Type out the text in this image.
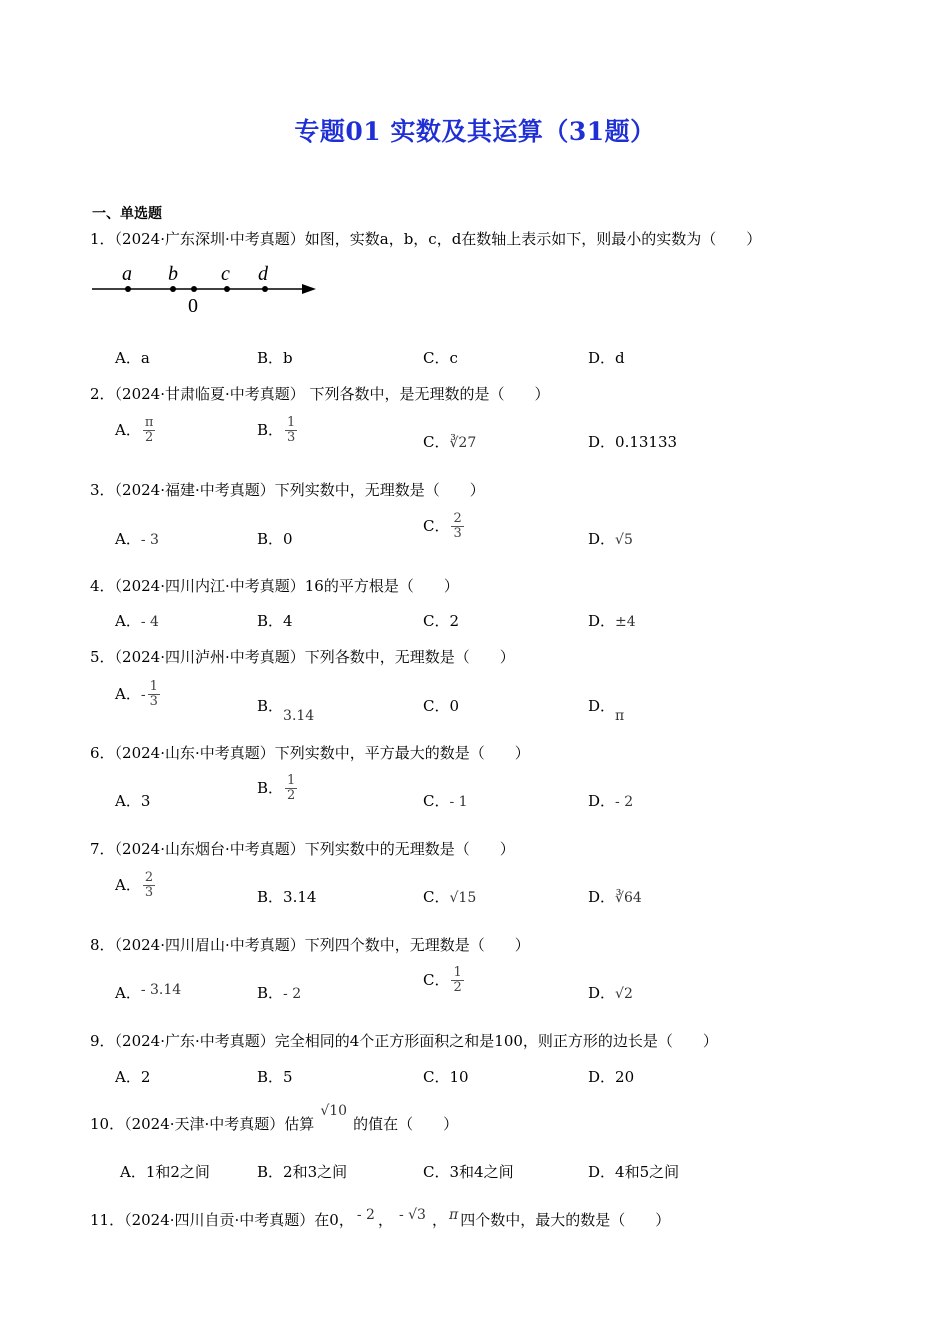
专题01 实数及其运算（31题）
一、单选题
1．（2024·广东深圳·中考真题）如图，实数a，b，c，d在数轴上表示如下，则最小的实数为（　　）
a b c d
0
A．a	B．b	C．c	D．d
2．（2024·甘肃临夏·中考真题） 下列各数中，是无理数的是（　　）
A． $\frac{\pi}{2}$	B． $\frac{1}{3}$	C．∛27	D．0.13133
3．（2024·福建·中考真题）下列实数中，无理数是（　　）
A．- 3	B．0
C． $\frac{2}{3}$	D．√5
4．（2024·四川内江·中考真题）16的平方根是（　　）
A．- 4	B．4	C．2	D．±4
5．（2024·四川泸州·中考真题）下列各数中，无理数是（　　）
A．- $\frac{1}{3}$	B．3.14
C．0	D．π
6．（2024·山东·中考真题）下列实数中，平方最大的数是（　　）
A．3
B． $\frac{1}{2}$	C．- 1	D．- 2
7．（2024·山东烟台·中考真题）下列实数中的无理数是（　　）
A． $\frac{2}{3}$	B．3.14	C．√15	D．∛64
8．（2024·四川眉山·中考真题）下列四个数中，无理数是（　　）
A．- 3.14	B．- 2
C． $\frac{1}{2}$	D．√2
9．（2024·广东·中考真题）完全相同的4个正方形面积之和是100，则正方形的边长是（　　）
A．2	B．5	C．10	D．20
10．（2024·天津·中考真题）估算√10的值在（　　）
A．1和2之间	B．2和3之间	C．3和4之间	D．4和5之间
11．（2024·四川自贡·中考真题）在0， - 2 ， - √3 ， π 四个数中，最大的数是（　　）
